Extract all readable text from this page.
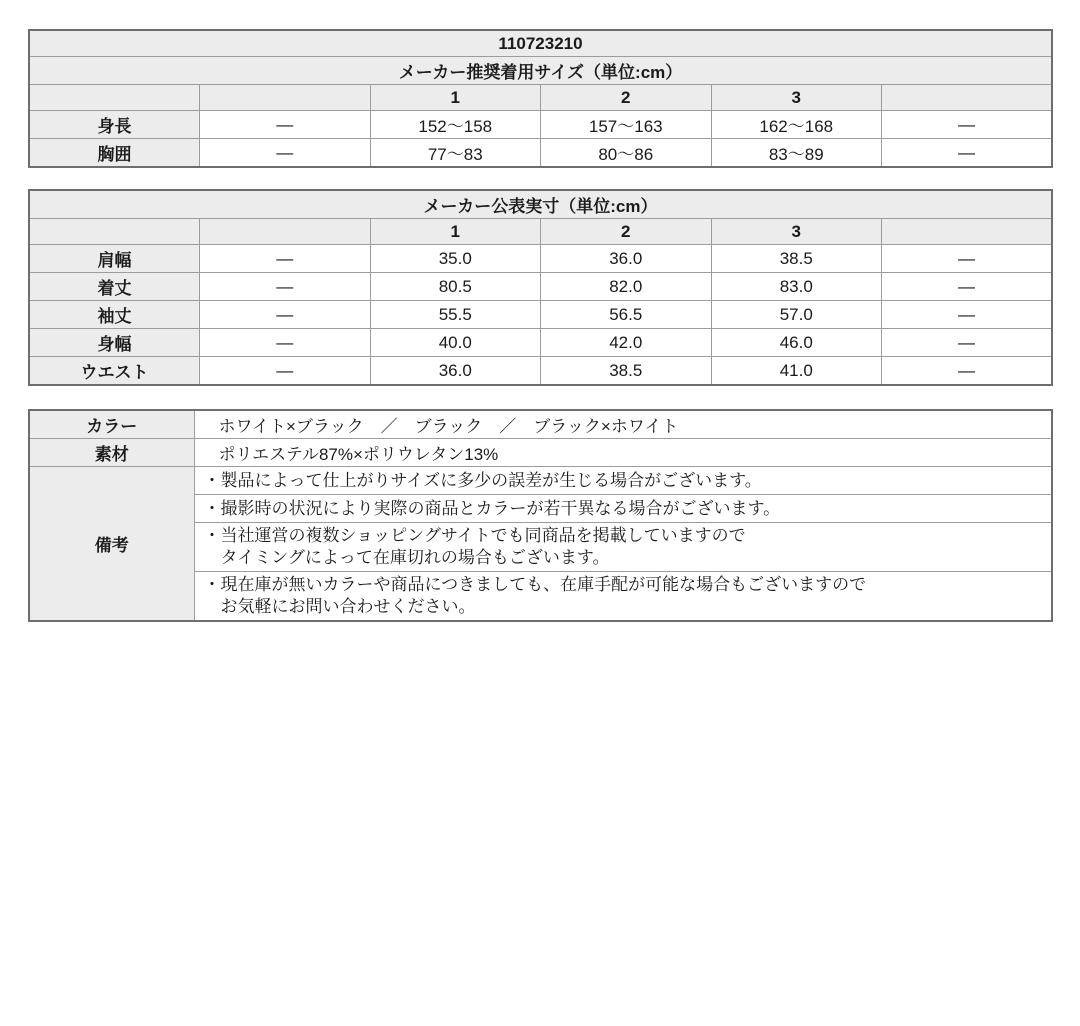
110723210					
メーカー推奨着用サイズ（単位:cm）					
		1	2	3	
身長	―	152〜158	157〜163	162〜168	―
胸囲	―	77〜83	80〜86	83〜89	―
メーカー公表実寸（単位:cm）					
		1	2	3	
肩幅	―	35.0	36.0	38.5	―
着丈	―	80.5	82.0	83.0	―
袖丈	―	55.5	56.5	57.0	―
身幅	―	40.0	42.0	46.0	―
ウエスト	―	36.0	38.5	41.0	―
カラー	ホワイト×ブラック　／　ブラック　／　ブラック×ホワイト
素材	ポリエステル87%×ポリウレタン13%
備考	・製品によって仕上がりサイズに多少の誤差が生じる場合がございます。

	・撮影時の状況により実際の商品とカラーが若干異なる場合がございます。

	・当社運営の複数ショッピングサイトでも同商品を掲載していますので
タイミングによって在庫切れの場合もございます。

	・現在庫が無いカラーや商品につきましても、在庫手配が可能な場合もございますので
お気軽にお問い合わせください。
